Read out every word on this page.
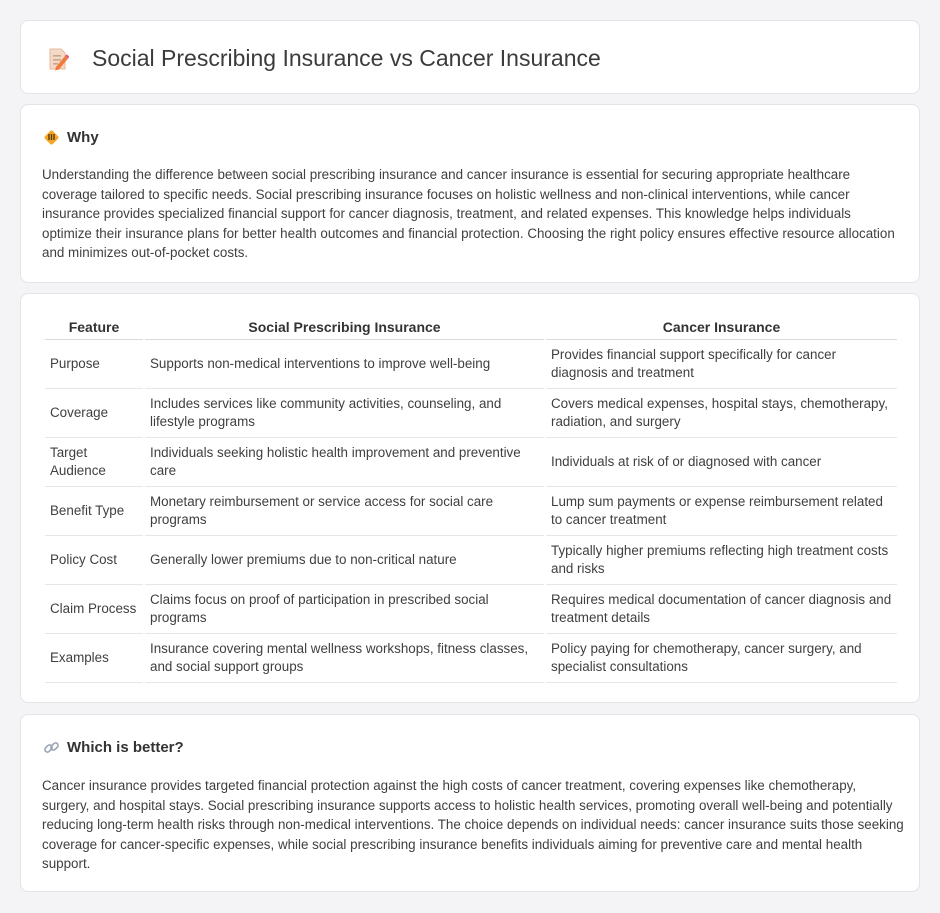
Social Prescribing Insurance vs Cancer Insurance
Why

Understanding the difference between social prescribing insurance and cancer insurance is essential for securing appropriate healthcare coverage tailored to specific needs. Social prescribing insurance focuses on holistic wellness and non-clinical interventions, while cancer insurance provides specialized financial support for cancer diagnosis, treatment, and related expenses. This knowledge helps individuals optimize their insurance plans for better health outcomes and financial protection. Choosing the right policy ensures effective resource allocation and minimizes out-of-pocket costs.

Feature	Social Prescribing Insurance	Cancer Insurance
Purpose	Supports non-medical interventions to improve well-being	Provides financial support specifically for cancer diagnosis and treatment
Coverage	Includes services like community activities, counseling, and lifestyle programs	Covers medical expenses, hospital stays, chemotherapy, radiation, and surgery
Target Audience	Individuals seeking holistic health improvement and preventive care	Individuals at risk of or diagnosed with cancer
Benefit Type	Monetary reimbursement or service access for social care programs	Lump sum payments or expense reimbursement related to cancer treatment
Policy Cost	Generally lower premiums due to non-critical nature	Typically higher premiums reflecting high treatment costs and risks
Claim Process	Claims focus on proof of participation in prescribed social programs	Requires medical documentation of cancer diagnosis and treatment details
Examples	Insurance covering mental wellness workshops, fitness classes, and social support groups	Policy paying for chemotherapy, cancer surgery, and specialist consultations
Which is better?

Cancer insurance provides targeted financial protection against the high costs of cancer treatment, covering expenses like chemotherapy, surgery, and hospital stays. Social prescribing insurance supports access to holistic health services, promoting overall well-being and potentially reducing long-term health risks through non-medical interventions. The choice depends on individual needs: cancer insurance suits those seeking coverage for cancer-specific expenses, while social prescribing insurance benefits individuals aiming for preventive care and mental health support.
